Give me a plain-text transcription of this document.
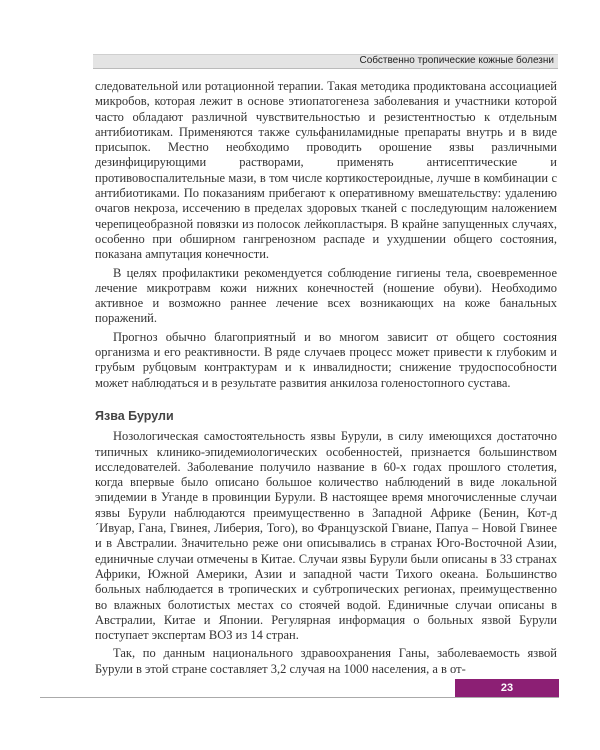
Собственно тропические кожные болезни

следовательной или ротационной терапии. Такая методика продиктована ассоциацией микробов, которая лежит в основе этиопатогенеза заболевания и участники которой часто обладают различной чувствительностью и резистентностью к отдельным антибиотикам. Применяются также сульфаниламидные препараты внутрь и в виде присыпок. Местно необходимо проводить орошение язвы различными дезинфицирующими растворами, применять антисептические и противовоспалительные мази, в том числе кортикостероидные, лучше в комбинации с антибиотиками. По показаниям прибегают к оперативному вмешательству: удалению очагов некроза, иссечению в пределах здоровых тканей с последующим наложением черепицеобразной повязки из полосок лейкопластыря. В крайне запущенных случаях, особенно при обширном гангренозном распаде и ухудшении общего состояния, показана ампутация конечности.

В целях профилактики рекомендуется соблюдение гигиены тела, своевременное лечение микротравм кожи нижних конечностей (ношение обуви). Необходимо активное и возможно раннее лечение всех возникающих на коже банальных поражений.

Прогноз обычно благоприятный и во многом зависит от общего состояния организма и его реактивности. В ряде случаев процесс может привести к глубоким и грубым рубцовым контрактурам и к инвалидности; снижение трудоспособности может наблюдаться и в результате развития анкилоза голеностопного сустава.

Язва Бурули

Нозологическая самостоятельность язвы Бурули, в силу имеющихся достаточно типичных клинико-эпидемиологических особенностей, признается большинством исследователей. Заболевание получило название в 60-х годах прошлого столетия, когда впервые было описано большое количество наблюдений в виде локальной эпидемии в Уганде в провинции Бурули. В настоящее время многочисленные случаи язвы Бурули наблюдаются преимущественно в Западной Африке (Бенин, Кот-д´Ивуар, Гана, Гвинея, Либерия, Того), во Французской Гвиане, Папуа – Новой Гвинее и в Австралии. Значительно реже они описывались в странах Юго-Восточной Азии, единичные случаи отмечены в Китае. Случаи язвы Бурули были описаны в 33 странах Африки, Южной Америки, Азии и западной части Тихого океана. Большинство больных наблюдается в тропических и субтропических регионах, преимущественно во влажных болотистых местах со стоячей водой. Единичные случаи описаны в Австралии, Китае и Японии. Регулярная информация о больных язвой Бурули поступает экспертам ВОЗ из 14 стран.

Так, по данным национального здравоохранения Ганы, заболеваемость язвой Бурули в этой стране составляет 3,2 случая на 1000 населения, а в от-

23
